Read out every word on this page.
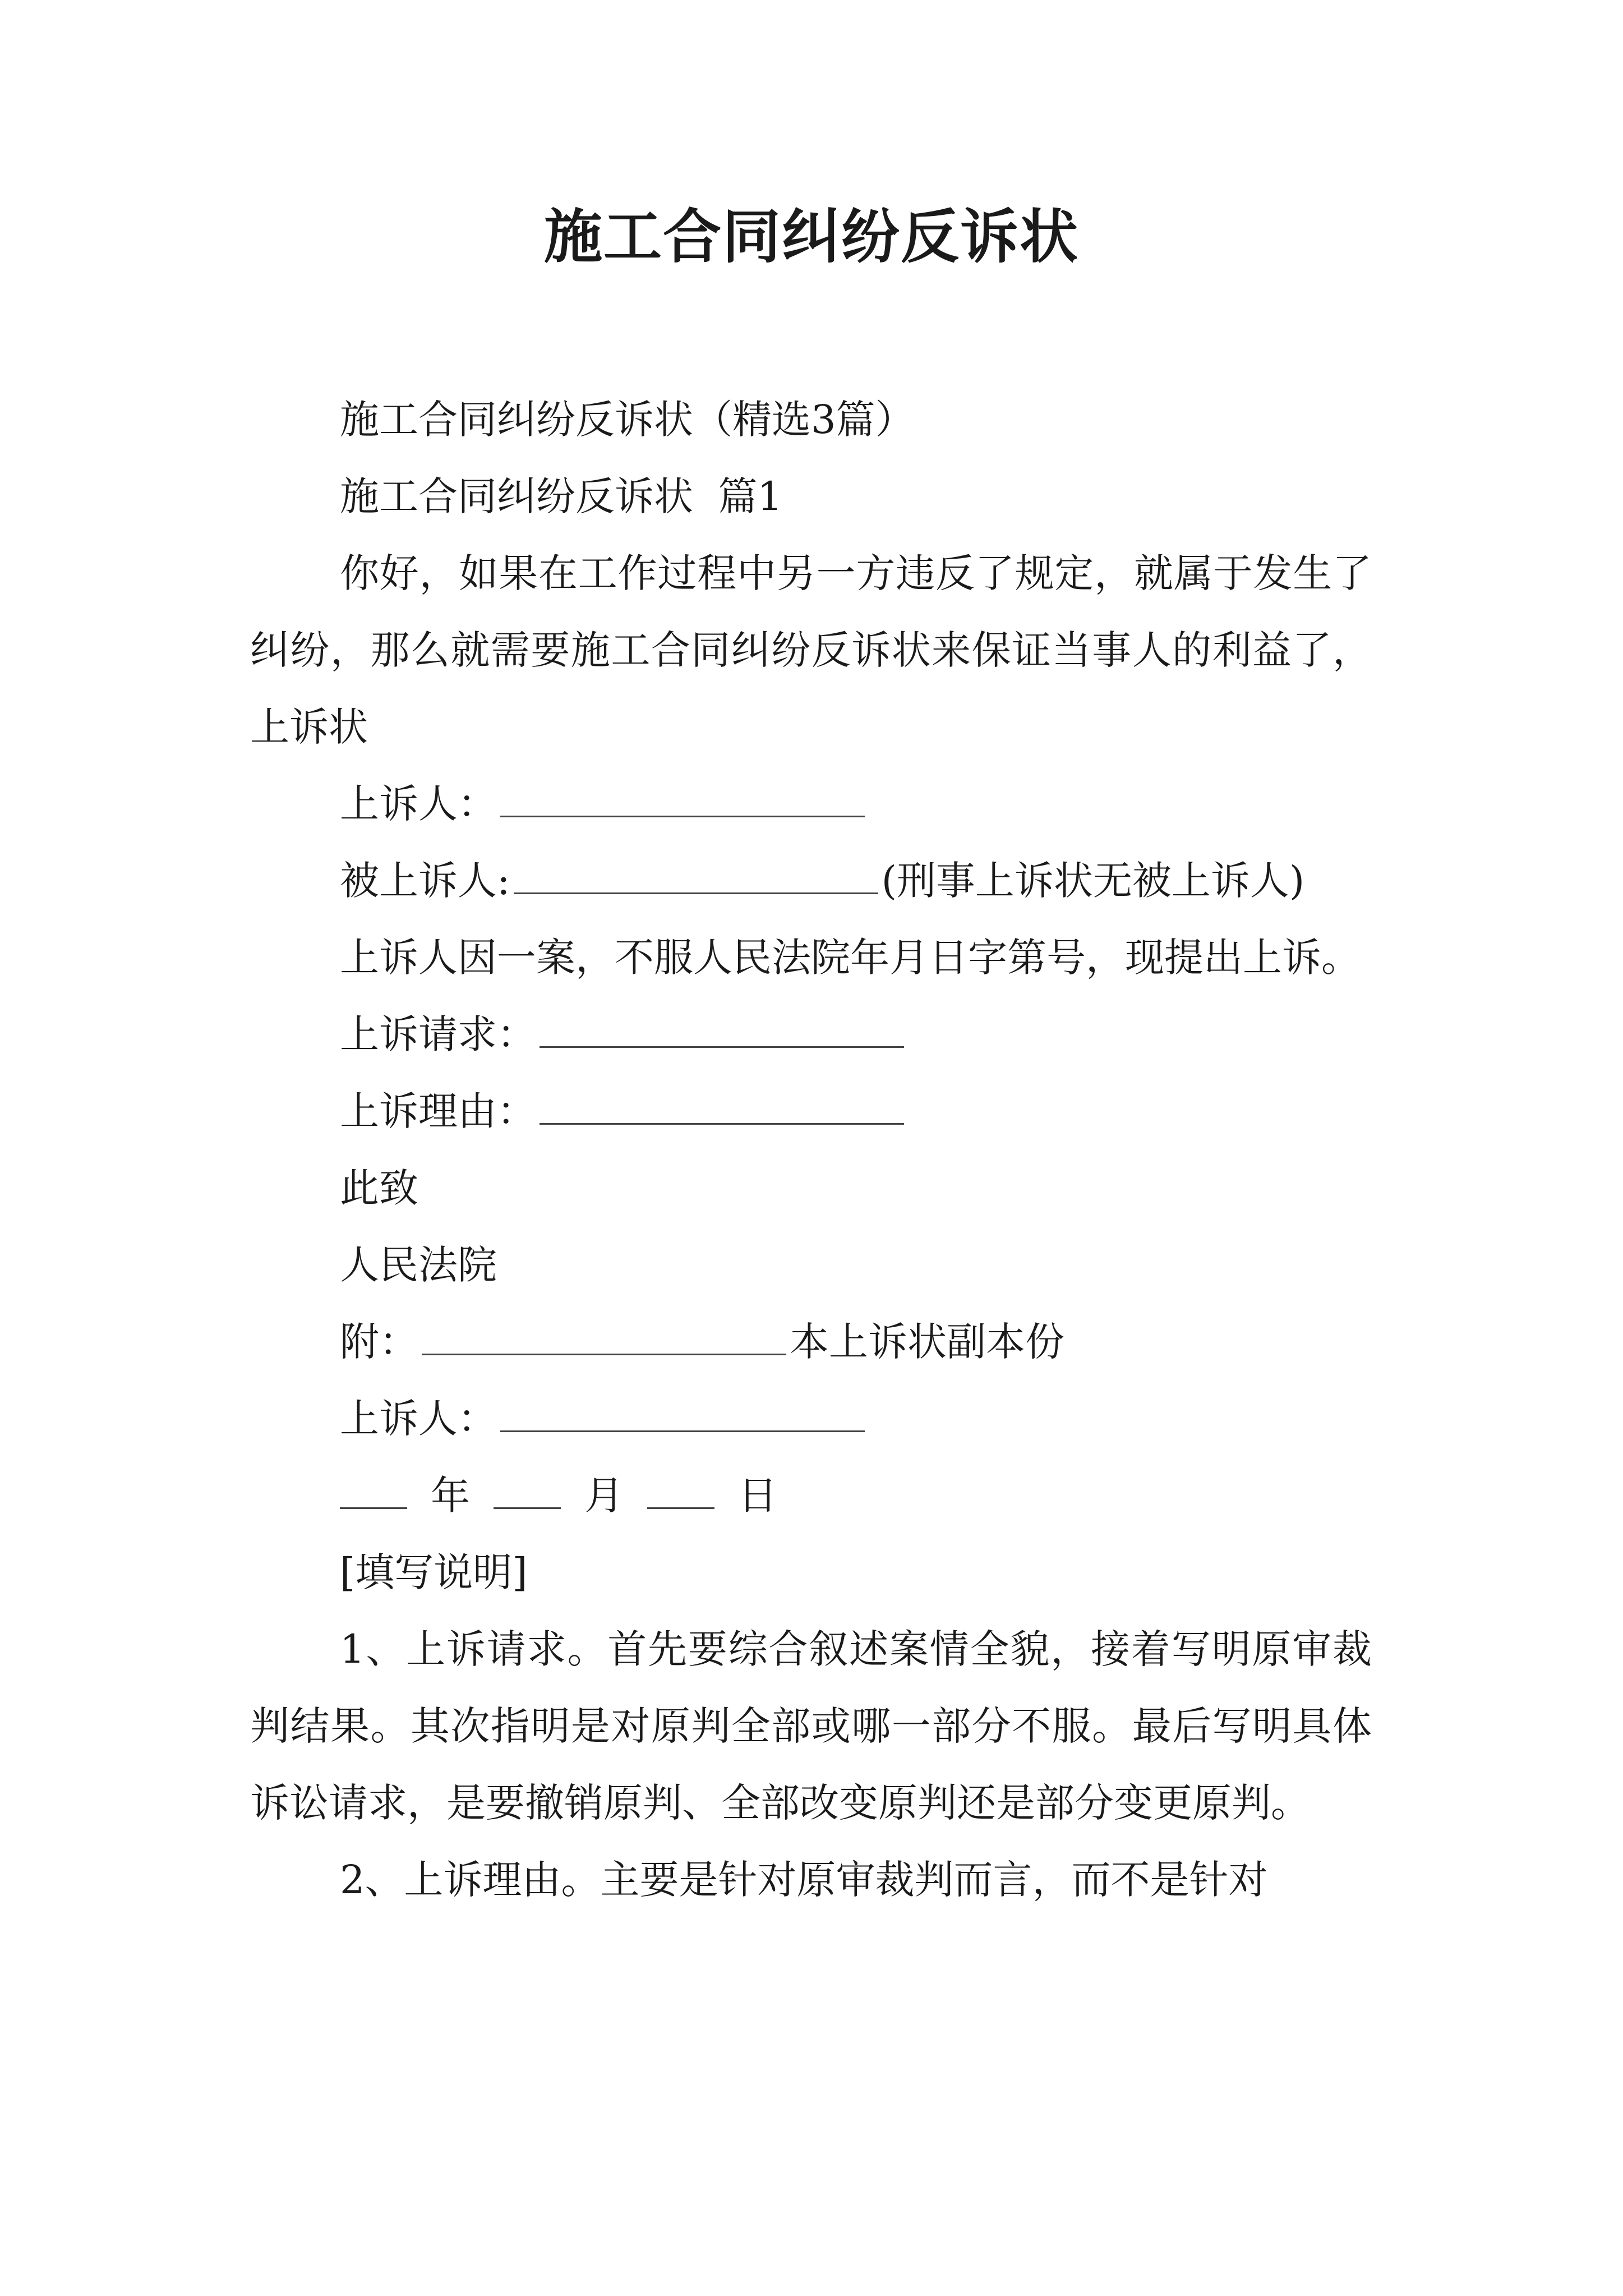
施工合同纠纷反诉状

施工合同纠纷反诉状（精选3篇）

施工合同纠纷反诉状  篇1

你好，如果在工作过程中另一方违反了规定，就属于发生了纠纷，那么就需要施工合同纠纷反诉状来保证当事人的利益了，上诉状

上诉人：

被上诉人:	(刑事上诉状无被上诉人)

上诉人因一案，不服人民法院年月日字第号，现提出上诉。

上诉请求：

上诉理由：

此致

人民法院

附：	本上诉状副本份

上诉人：

年	月	日

[填写说明]

1、上诉请求。首先要综合叙述案情全貌，接着写明原审裁判结果。其次指明是对原判全部或哪一部分不服。最后写明具体诉讼请求，是要撤销原判、全部改变原判还是部分变更原判。

2、上诉理由。主要是针对原审裁判而言，而不是针对
